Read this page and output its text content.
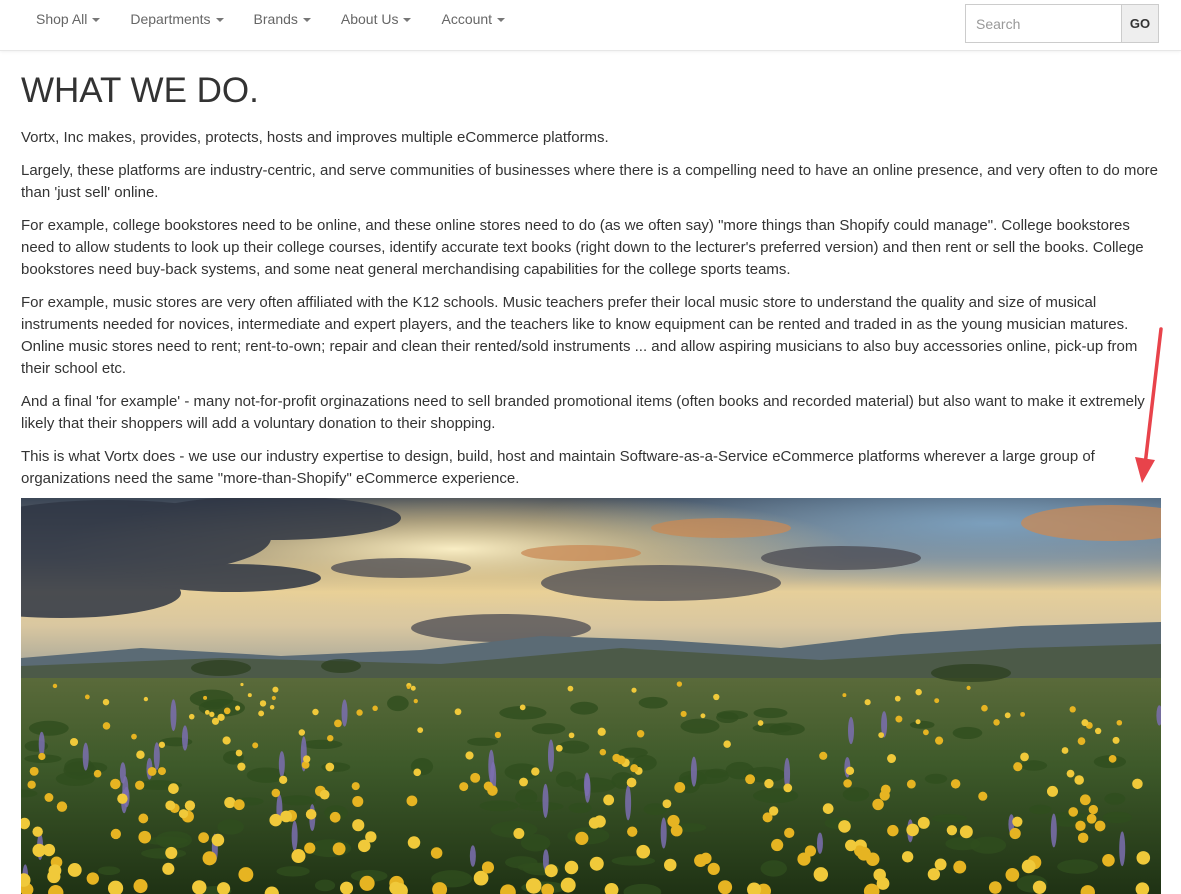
Shop All	Departments	Brands	About Us	Account
Search	GO
WHAT WE DO.

Vortx, Inc makes, provides, protects, hosts and improves multiple eCommerce platforms.

Largely, these platforms are industry-centric, and serve communities of businesses where there is a compelling need to have an online presence, and very often to do more than 'just sell' online.

For example, college bookstores need to be online, and these online stores need to do (as we often say) "more things than Shopify could manage". College bookstores need to allow students to look up their college courses, identify accurate text books (right down to the lecturer's preferred version) and then rent or sell the books. College bookstores need buy-back systems, and some neat general merchandising capabilities for the college sports teams.

For example, music stores are very often affiliated with the K12 schools. Music teachers prefer their local music store to understand the quality and size of musical instruments needed for novices, intermediate and expert players, and the teachers like to know equipment can be rented and traded in as the young musician matures. Online music stores need to rent; rent-to-own; repair and clean their rented/sold instruments ... and allow aspiring musicians to also buy accessories online, pick-up from their school etc.

And a final 'for example' - many not-for-profit orginazations need to sell branded promotional items (often books and recorded material) but also want to make it extremely likely that their shoppers will add a voluntary donation to their shopping.

This is what Vortx does - we use our industry expertise to design, build, host and maintain Software-as-a-Service eCommerce platforms wherever a large group of organizations need the same "more-than-Shopify" eCommerce experience.
